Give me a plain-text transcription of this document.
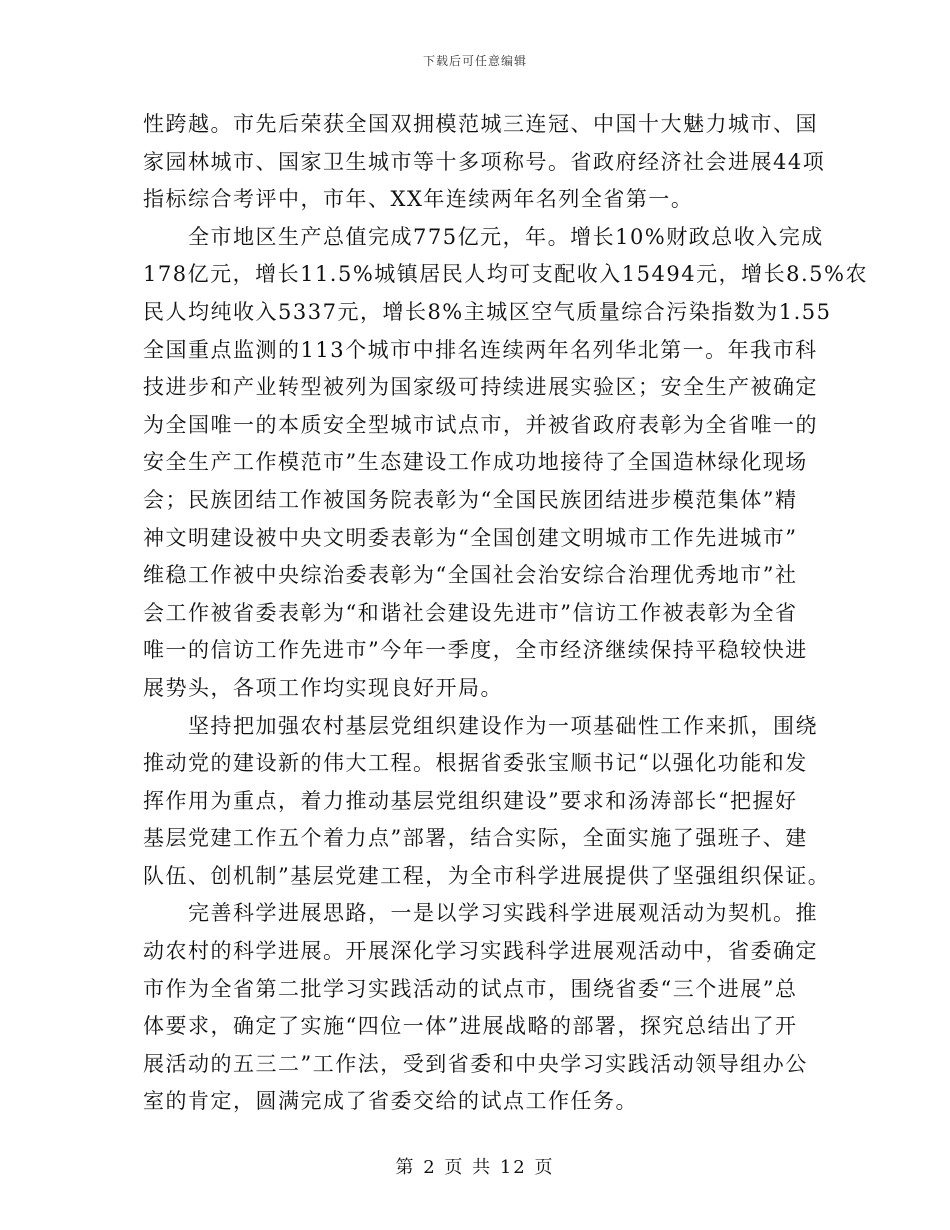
下载后可任意编辑
性跨越。市先后荣获全国双拥模范城三连冠、中国十大魅力城市、国
家园林城市、国家卫生城市等十多项称号。省政府经济社会进展44项
指标综合考评中，市年、XX年连续两年名列全省第一。
　　全市地区生产总值完成775亿元，年。增长10%财政总收入完成
178亿元，增长11.5%城镇居民人均可支配收入15494元，增长8.5%农
民人均纯收入5337元，增长8%主城区空气质量综合污染指数为1.55
全国重点监测的113个城市中排名连续两年名列华北第一。年我市科
技进步和产业转型被列为国家级可持续进展实验区；安全生产被确定
为全国唯一的本质安全型城市试点市，并被省政府表彰为全省唯一的
安全生产工作模范市”生态建设工作成功地接待了全国造林绿化现场
会；民族团结工作被国务院表彰为“全国民族团结进步模范集体”精
神文明建设被中央文明委表彰为“全国创建文明城市工作先进城市”
维稳工作被中央综治委表彰为“全国社会治安综合治理优秀地市”社
会工作被省委表彰为“和谐社会建设先进市”信访工作被表彰为全省
唯一的信访工作先进市”今年一季度，全市经济继续保持平稳较快进
展势头，各项工作均实现良好开局。
　　坚持把加强农村基层党组织建设作为一项基础性工作来抓，围绕
推动党的建设新的伟大工程。根据省委张宝顺书记“以强化功能和发
挥作用为重点，着力推动基层党组织建设”要求和汤涛部长“把握好
基层党建工作五个着力点”部署，结合实际，全面实施了强班子、建
队伍、创机制”基层党建工程，为全市科学进展提供了坚强组织保证。
　　完善科学进展思路，一是以学习实践科学进展观活动为契机。推
动农村的科学进展。开展深化学习实践科学进展观活动中，省委确定
市作为全省第二批学习实践活动的试点市，围绕省委“三个进展”总
体要求，确定了实施“四位一体”进展战略的部署，探究总结出了开
展活动的五三二”工作法，受到省委和中央学习实践活动领导组办公
室的肯定，圆满完成了省委交给的试点工作任务。
第 2 页 共 12 页
